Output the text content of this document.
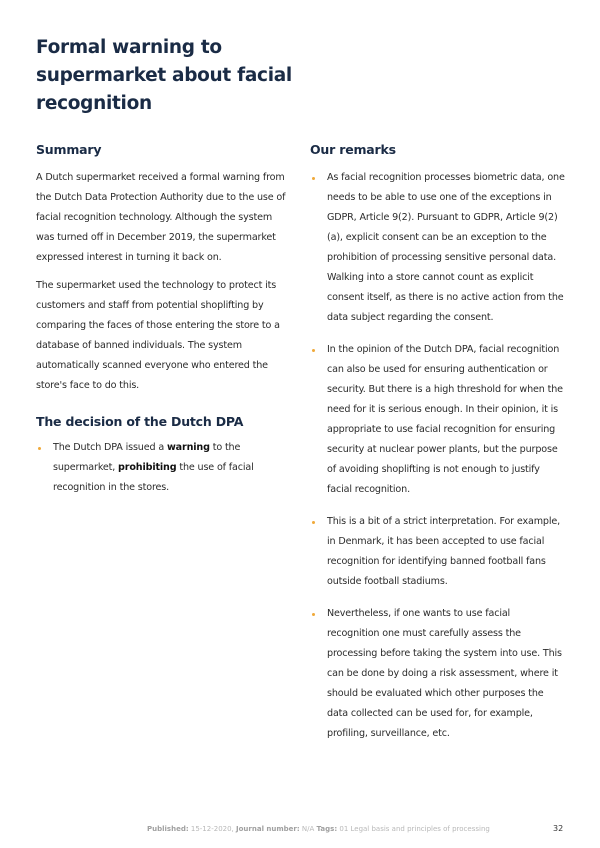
Formal warning to supermarket about facial recognition
Summary

A Dutch supermarket received a formal warning from the Dutch Data Protection Authority due to the use of facial recognition technology. Although the system was turned off in December 2019, the supermarket expressed interest in turning it back on.

The supermarket used the technology to protect its customers and staff from potential shoplifting by comparing the faces of those entering the store to a database of banned individuals. The system automatically scanned everyone who entered the store's face to do this.

The decision of the Dutch DPA
The Dutch DPA issued a warning to the supermarket, prohibiting the use of facial recognition in the stores.
Our remarks
As facial recognition processes biometric data, one needs to be able to use one of the exceptions in GDPR, Article 9(2). Pursuant to GDPR, Article 9(2)(a), explicit consent can be an exception to the prohibition of processing sensitive personal data. Walking into a store cannot count as explicit consent itself, as there is no active action from the data subject regarding the consent.
In the opinion of the Dutch DPA, facial recognition can also be used for ensuring authentication or security. But there is a high threshold for when the need for it is serious enough. In their opinion, it is appropriate to use facial recognition for ensuring security at nuclear power plants, but the purpose of avoiding shoplifting is not enough to justify facial recognition.
This is a bit of a strict interpretation. For example, in Denmark, it has been accepted to use facial recognition for identifying banned football fans outside football stadiums.
Nevertheless, if one wants to use facial recognition one must carefully assess the processing before taking the system into use. This can be done by doing a risk assessment, where it should be evaluated which other purposes the data collected can be used for, for example, profiling, surveillance, etc.
Published: 15-12-2020, Journal number: N/A Tags: 01 Legal basis and principles of processing	32
